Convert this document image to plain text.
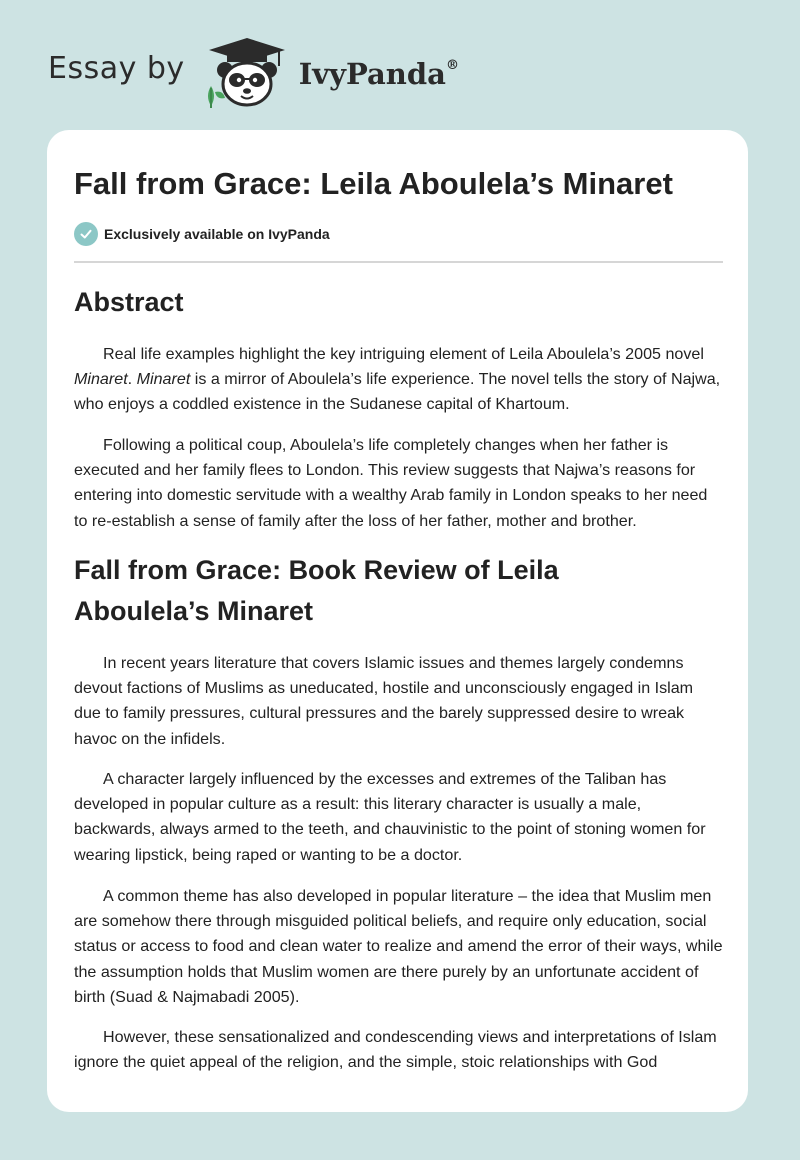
Essay by	IvyPanda®
Fall from Grace: Leila Aboulela’s Minaret
Exclusively available on IvyPanda
Abstract

Real life examples highlight the key intriguing element of Leila Aboulela’s 2005 novel Minaret. Minaret is a mirror of Aboulela’s life experience. The novel tells the story of Najwa, who enjoys a coddled existence in the Sudanese capital of Khartoum.

Following a political coup, Aboulela’s life completely changes when her father is executed and her family flees to London. This review suggests that Najwa’s reasons for entering into domestic servitude with a wealthy Arab family in London speaks to her need to re-establish a sense of family after the loss of her father, mother and brother.

Fall from Grace: Book Review of Leila Aboulela’s Minaret

In recent years literature that covers Islamic issues and themes largely condemns devout factions of Muslims as uneducated, hostile and unconsciously engaged in Islam due to family pressures, cultural pressures and the barely suppressed desire to wreak havoc on the infidels.

A character largely influenced by the excesses and extremes of the Taliban has developed in popular culture as a result: this literary character is usually a male, backwards, always armed to the teeth, and chauvinistic to the point of stoning women for wearing lipstick, being raped or wanting to be a doctor.

A common theme has also developed in popular literature – the idea that Muslim men are somehow there through misguided political beliefs, and require only education, social status or access to food and clean water to realize and amend the error of their ways, while the assumption holds that Muslim women are there purely by an unfortunate accident of birth (Suad & Najmabadi 2005).

However, these sensationalized and condescending views and interpretations of Islam ignore the quiet appeal of the religion, and the simple, stoic relationships with God
